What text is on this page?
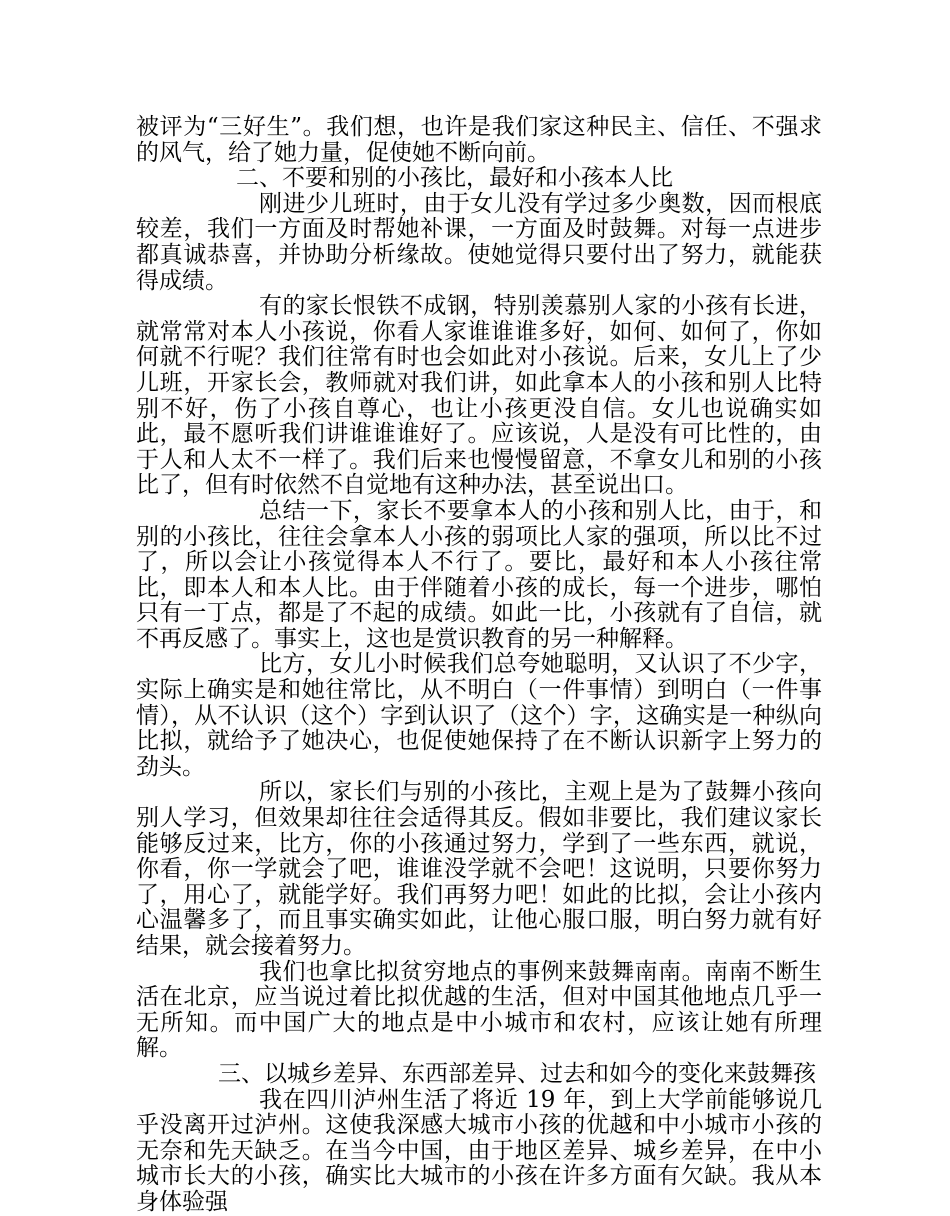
被评为“三好生”。我们想，也许是我们家这种民主、信任、不强求的风气，给了她力量，促使她不断向前。

二、不要和别的小孩比，最好和小孩本人比

刚进少儿班时，由于女儿没有学过多少奥数，因而根底较差，我们一方面及时帮她补课，一方面及时鼓舞。对每一点进步都真诚恭喜，并协助分析缘故。使她觉得只要付出了努力，就能获得成绩。

有的家长恨铁不成钢，特别羡慕别人家的小孩有长进，就常常对本人小孩说，你看人家谁谁谁多好，如何、如何了，你如何就不行呢？我们往常有时也会如此对小孩说。后来，女儿上了少儿班，开家长会，教师就对我们讲，如此拿本人的小孩和别人比特别不好，伤了小孩自尊心，也让小孩更没自信。女儿也说确实如此，最不愿听我们讲谁谁谁好了。应该说，人是没有可比性的，由于人和人太不一样了。我们后来也慢慢留意，不拿女儿和别的小孩比了，但有时依然不自觉地有这种办法，甚至说出口。

总结一下，家长不要拿本人的小孩和别人比，由于，和别的小孩比，往往会拿本人小孩的弱项比人家的强项，所以比不过了，所以会让小孩觉得本人不行了。要比，最好和本人小孩往常比，即本人和本人比。由于伴随着小孩的成长，每一个进步，哪怕只有一丁点，都是了不起的成绩。如此一比，小孩就有了自信，就不再反感了。事实上，这也是赏识教育的另一种解释。

比方，女儿小时候我们总夸她聪明，又认识了不少字，实际上确实是和她往常比，从不明白（一件事情）到明白（一件事情），从不认识（这个）字到认识了（这个）字，这确实是一种纵向比拟，就给予了她决心，也促使她保持了在不断认识新字上努力的劲头。

所以，家长们与别的小孩比，主观上是为了鼓舞小孩向别人学习，但效果却往往会适得其反。假如非要比，我们建议家长能够反过来，比方，你的小孩通过努力，学到了一些东西，就说，你看，你一学就会了吧，谁谁没学就不会吧！这说明，只要你努力了，用心了，就能学好。我们再努力吧！如此的比拟，会让小孩内心温馨多了，而且事实确实如此，让他心服口服，明白努力就有好结果，就会接着努力。

我们也拿比拟贫穷地点的事例来鼓舞南南。南南不断生活在北京，应当说过着比拟优越的生活，但对中国其他地点几乎一无所知。而中国广大的地点是中小城市和农村，应该让她有所理解。

三、以城乡差异、东西部差异、过去和如今的变化来鼓舞孩

我在四川泸州生活了将近 19 年，到上大学前能够说几乎没离开过泸州。这使我深感大城市小孩的优越和中小城市小孩的无奈和先天缺乏。在当今中国，由于地区差异、城乡差异，在中小城市长大的小孩，确实比大城市的小孩在许多方面有欠缺。我从本身体验强
